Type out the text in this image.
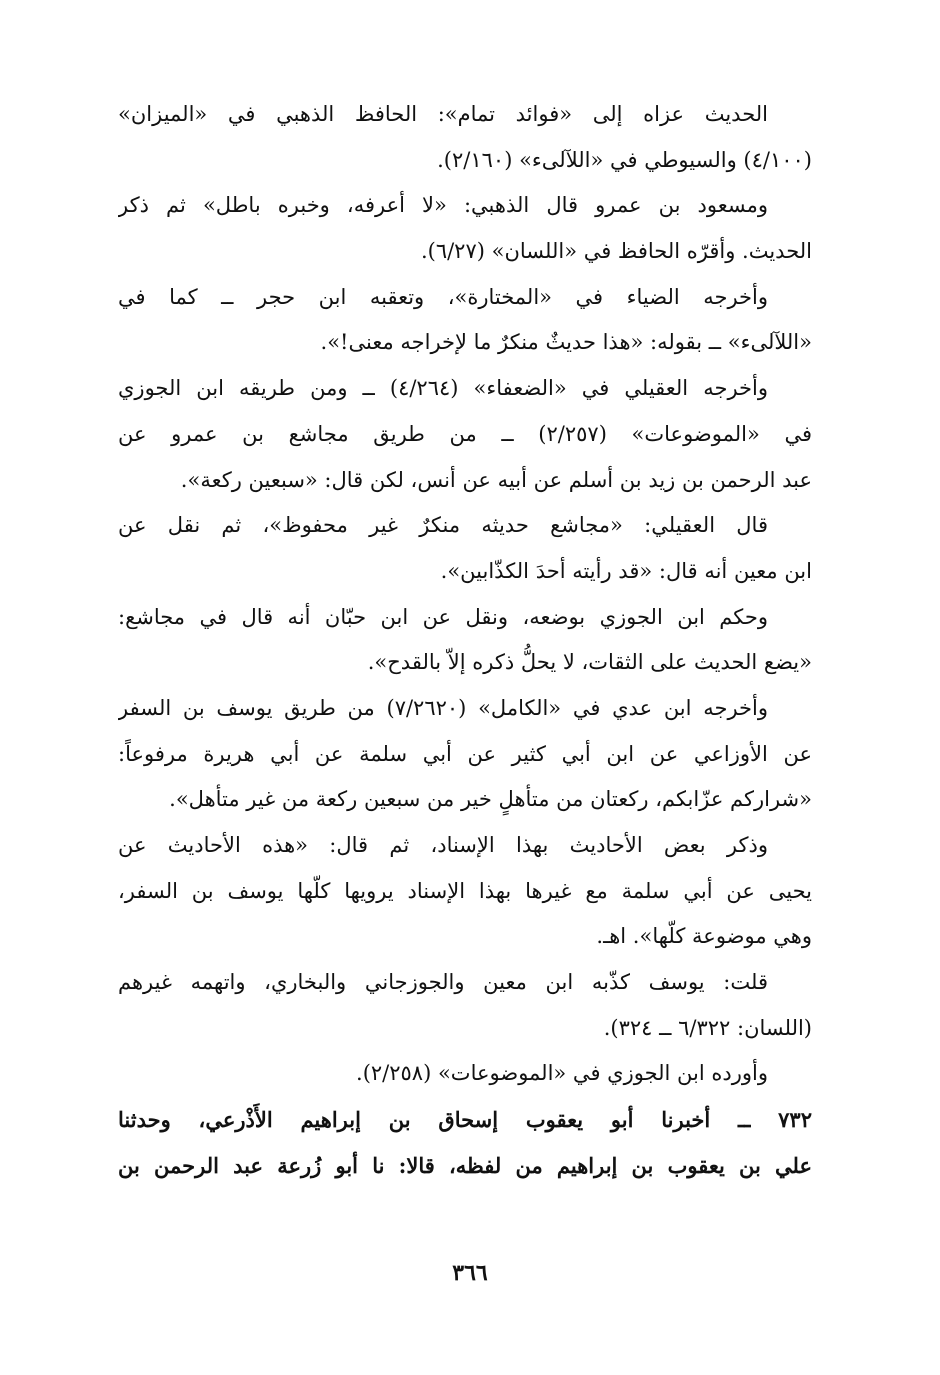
الحديث عزاه إلى «فوائد تمام»: الحافظ الذهبي في «الميزان»
(٤/١٠٠) والسيوطي في «اللآلىء» (٢/١٦٠).
ومسعود بن عمرو قال الذهبي: «لا أعرفه، وخبره باطل» ثم ذكر
الحديث. وأقرّه الحافظ في «اللسان» (٦/٢٧).
وأخرجه الضياء في «المختارة»، وتعقبه ابن حجر ــ كما في
«اللآلىء» ــ بقوله: «هذا حديثٌ منكرٌ ما لإخراجه معنى!».
وأخرجه العقيلي في «الضعفاء» (٤/٢٦٤) ــ ومن طريقه ابن الجوزي
في «الموضوعات» (٢/٢٥٧) ــ من طريق مجاشع بن عمرو عن
عبد الرحمن بن زيد بن أسلم عن أبيه عن أنس، لكن قال: «سبعين ركعة».
قال العقيلي: «مجاشع حديثه منكرٌ غير محفوظ»، ثم نقل عن
ابن معين أنه قال: «قد رأيته أحدَ الكذّابين».
وحكم ابن الجوزي بوضعه، ونقل عن ابن حبّان أنه قال في مجاشع:
«يضع الحديث على الثقات، لا يحلُّ ذكره إلاّ بالقدح».
وأخرجه ابن عدي في «الكامل» (٧/٢٦٢٠) من طريق يوسف بن السفر
عن الأوزاعي عن ابن أبي كثير عن أبي سلمة عن أبي هريرة مرفوعاً:
«شراركم عزّابكم، ركعتان من متأهلٍ خير من سبعين ركعة من غير متأهل».
وذكر بعض الأحاديث بهذا الإسناد، ثم قال: «هذه الأحاديث عن
يحيى عن أبي سلمة مع غيرها بهذا الإسناد يرويها كلّها يوسف بن السفر،
وهي موضوعة كلّها». اهـ.
قلت: يوسف كذّبه ابن معين والجوزجاني والبخاري، واتهمه غيرهم
(اللسان: ٦/٣٢٢ ــ ٣٢٤).
وأورده ابن الجوزي في «الموضوعات» (٢/٢٥٨).
٧٣٢ ــ أخبرنا أبو يعقوب إسحاق بن إبراهيم الأَذْرعي، وحدثنا
علي بن يعقوب بن إبراهيم من لفظه، قالا: نا أبو زُرعة عبد الرحمن بن
٣٦٦
